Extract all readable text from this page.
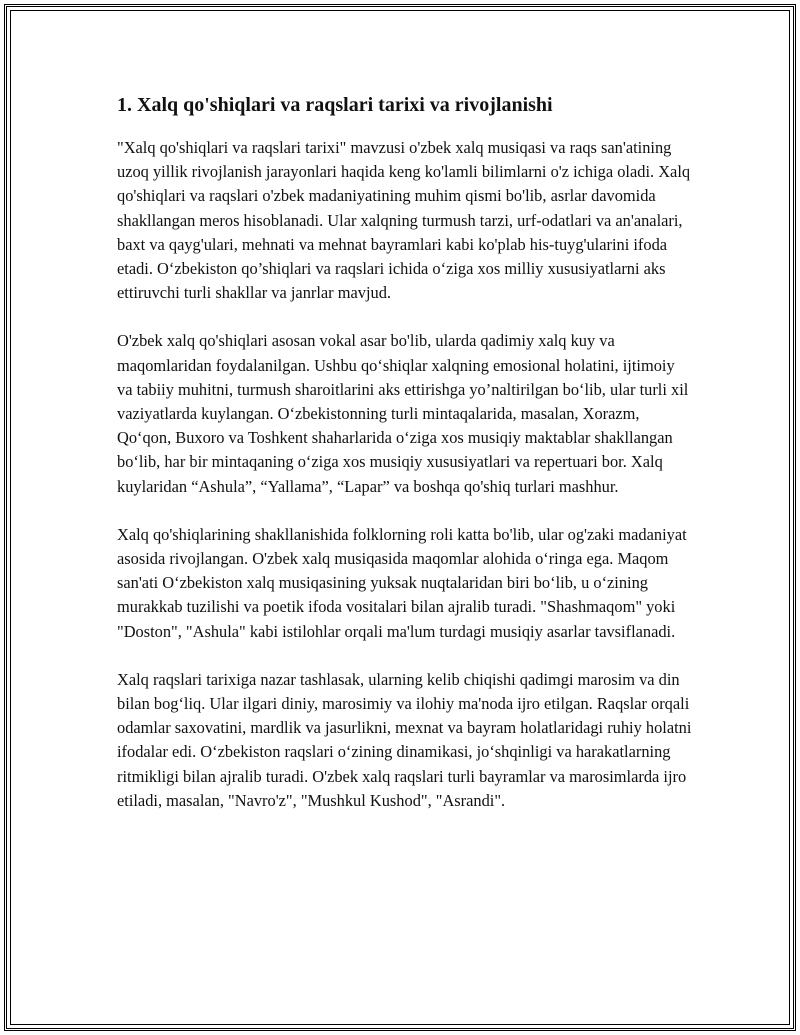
1. Xalq qo'shiqlari va raqslari tarixi va rivojlanishi

"Xalq qo'shiqlari va raqslari tarixi" mavzusi o'zbek xalq musiqasi va raqs san'atining uzoq yillik rivojlanish jarayonlari haqida keng ko'lamli bilimlarni o'z ichiga oladi. Xalq qo'shiqlari va raqslari o'zbek madaniyatining muhim qismi bo'lib, asrlar davomida shakllangan meros hisoblanadi. Ular xalqning turmush tarzi, urf-odatlari va an'analari, baxt va qayg'ulari, mehnati va mehnat bayramlari kabi ko'plab his-tuyg'ularini ifoda etadi. O‘zbekiston qo’shiqlari va raqslari ichida o‘ziga xos milliy xususiyatlarni aks ettiruvchi turli shakllar va janrlar mavjud.

O'zbek xalq qo'shiqlari asosan vokal asar bo'lib, ularda qadimiy xalq kuy va maqomlaridan foydalanilgan. Ushbu qo‘shiqlar xalqning emosional holatini, ijtimoiy va tabiiy muhitni, turmush sharoitlarini aks ettirishga yo’naltirilgan bo‘lib, ular turli xil vaziyatlarda kuylangan. O‘zbekistonning turli mintaqalarida, masalan, Xorazm, Qo‘qon, Buxoro va Toshkent shaharlarida o‘ziga xos musiqiy maktablar shakllangan bo‘lib, har bir mintaqaning o‘ziga xos musiqiy xususiyatlari va repertuari bor. Xalq kuylaridan “Ashula”, “Yallama”, “Lapar” va boshqa qo'shiq turlari mashhur.

Xalq qo'shiqlarining shakllanishida folklorning roli katta bo'lib, ular og'zaki madaniyat asosida rivojlangan. O'zbek xalq musiqasida maqomlar alohida o‘ringa ega. Maqom san'ati O‘zbekiston xalq musiqasining yuksak nuqtalaridan biri bo‘lib, u o‘zining murakkab tuzilishi va poetik ifoda vositalari bilan ajralib turadi. "Shashmaqom" yoki "Doston", "Ashula" kabi istilohlar orqali ma'lum turdagi musiqiy asarlar tavsiflanadi.

Xalq raqslari tarixiga nazar tashlasak, ularning kelib chiqishi qadimgi marosim va din bilan bog‘liq. Ular ilgari diniy, marosimiy va ilohiy ma'noda ijro etilgan. Raqslar orqali odamlar saxovatini, mardlik va jasurlikni, mexnat va bayram holatlaridagi ruhiy holatni ifodalar edi. O‘zbekiston raqslari o‘zining dinamikasi, jo‘shqinligi va harakatlarning ritmikligi bilan ajralib turadi. O'zbek xalq raqslari turli bayramlar va marosimlarda ijro etiladi, masalan, "Navro'z", "Mushkul Kushod", "Asrandi".
